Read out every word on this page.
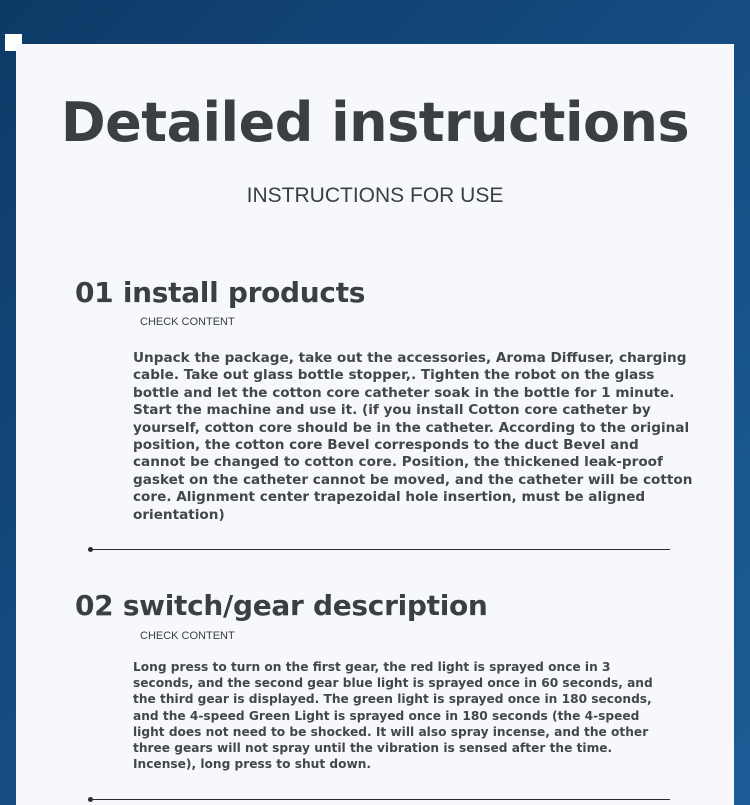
Detailed instructions
INSTRUCTIONS FOR USE
01 install products
CHECK CONTENT

Unpack the package, take out the accessories, Aroma Diffuser, charging cable. Take out glass bottle stopper,. Tighten the robot on the glass bottle and let the cotton core catheter soak in the bottle for 1 minute. Start the machine and use it. (if you install Cotton core catheter by yourself, cotton core should be in the catheter. According to the original position, the cotton core Bevel corresponds to the duct Bevel and cannot be changed to cotton core. Position, the thickened leak-proof gasket on the catheter cannot be moved, and the catheter will be cotton core. Alignment center trapezoidal hole insertion, must be aligned orientation)

02 switch/gear description
CHECK CONTENT

Long press to turn on the first gear, the red light is sprayed once in 3 seconds, and the second gear blue light is sprayed once in 60 seconds, and the third gear is displayed. The green light is sprayed once in 180 seconds, and the 4-speed Green Light is sprayed once in 180 seconds (the 4-speed light does not need to be shocked. It will also spray incense, and the other three gears will not spray until the vibration is sensed after the time. Incense), long press to shut down.
